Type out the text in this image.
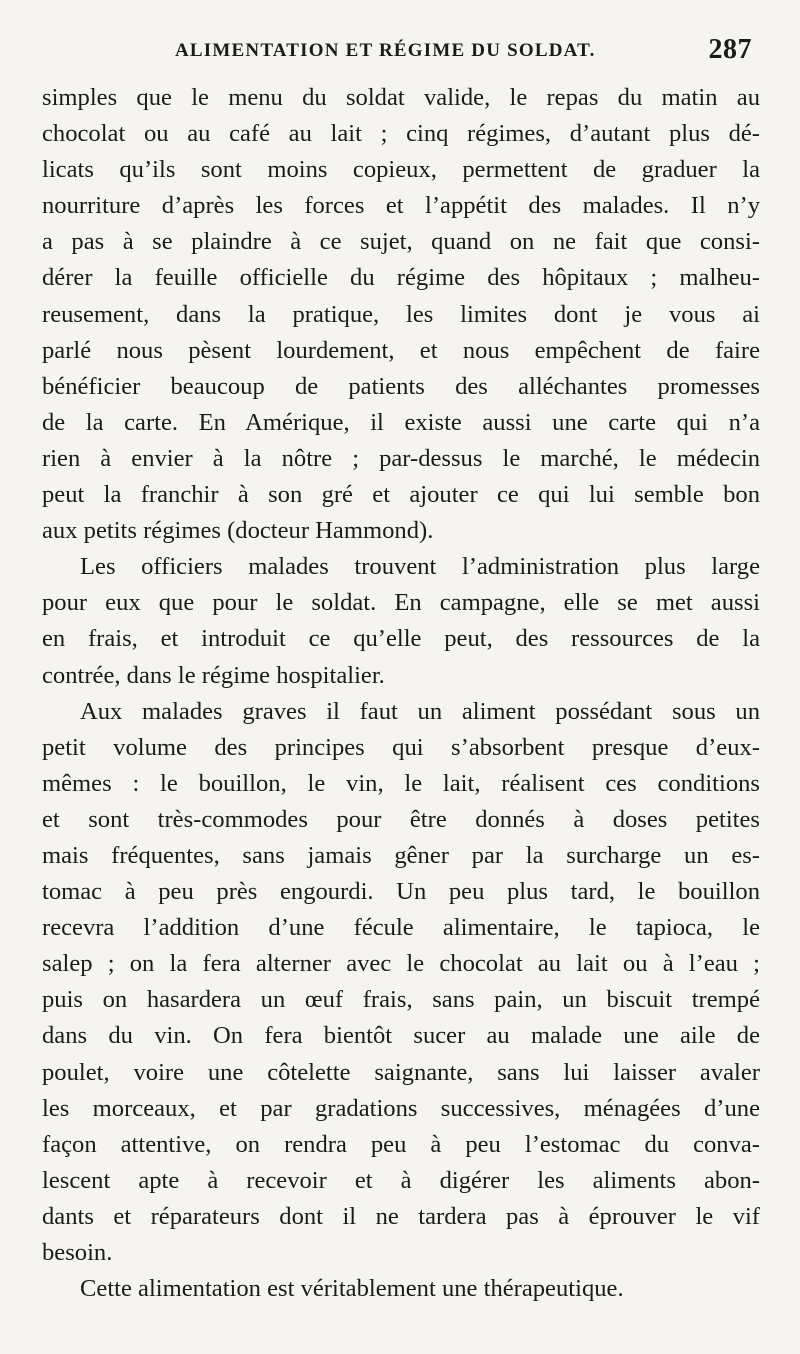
ALIMENTATION ET RÉGIME DU SOLDAT.	287
simples que le menu du soldat valide, le repas du matin au
chocolat ou au café au lait ; cinq régimes, d’autant plus dé-
licats qu’ils sont moins copieux, permettent de graduer la
nourriture d’après les forces et l’appétit des malades. Il n’y
a pas à se plaindre à ce sujet, quand on ne fait que consi-
dérer la feuille officielle du régime des hôpitaux ; malheu-
reusement, dans la pratique, les limites dont je vous ai
parlé nous pèsent lourdement, et nous empêchent de faire
bénéficier beaucoup de patients des alléchantes promesses
de la carte. En Amérique, il existe aussi une carte qui n’a
rien à envier à la nôtre ; par-dessus le marché, le médecin
peut la franchir à son gré et ajouter ce qui lui semble bon
aux petits régimes (docteur Hammond).
Les officiers malades trouvent l’administration plus large
pour eux que pour le soldat. En campagne, elle se met aussi
en frais, et introduit ce qu’elle peut, des ressources de la
contrée, dans le régime hospitalier.
Aux malades graves il faut un aliment possédant sous un
petit volume des principes qui s’absorbent presque d’eux-
mêmes : le bouillon, le vin, le lait, réalisent ces conditions
et sont très-commodes pour être donnés à doses petites
mais fréquentes, sans jamais gêner par la surcharge un es-
tomac à peu près engourdi. Un peu plus tard, le bouillon
recevra l’addition d’une fécule alimentaire, le tapioca, le
salep ; on la fera alterner avec le chocolat au lait ou à l’eau ;
puis on hasardera un œuf frais, sans pain, un biscuit trempé
dans du vin. On fera bientôt sucer au malade une aile de
poulet, voire une côtelette saignante, sans lui laisser avaler
les morceaux, et par gradations successives, ménagées d’une
façon attentive, on rendra peu à peu l’estomac du conva-
lescent apte à recevoir et à digérer les aliments abon-
dants et réparateurs dont il ne tardera pas à éprouver le vif
besoin.
Cette alimentation est véritablement une thérapeutique.
